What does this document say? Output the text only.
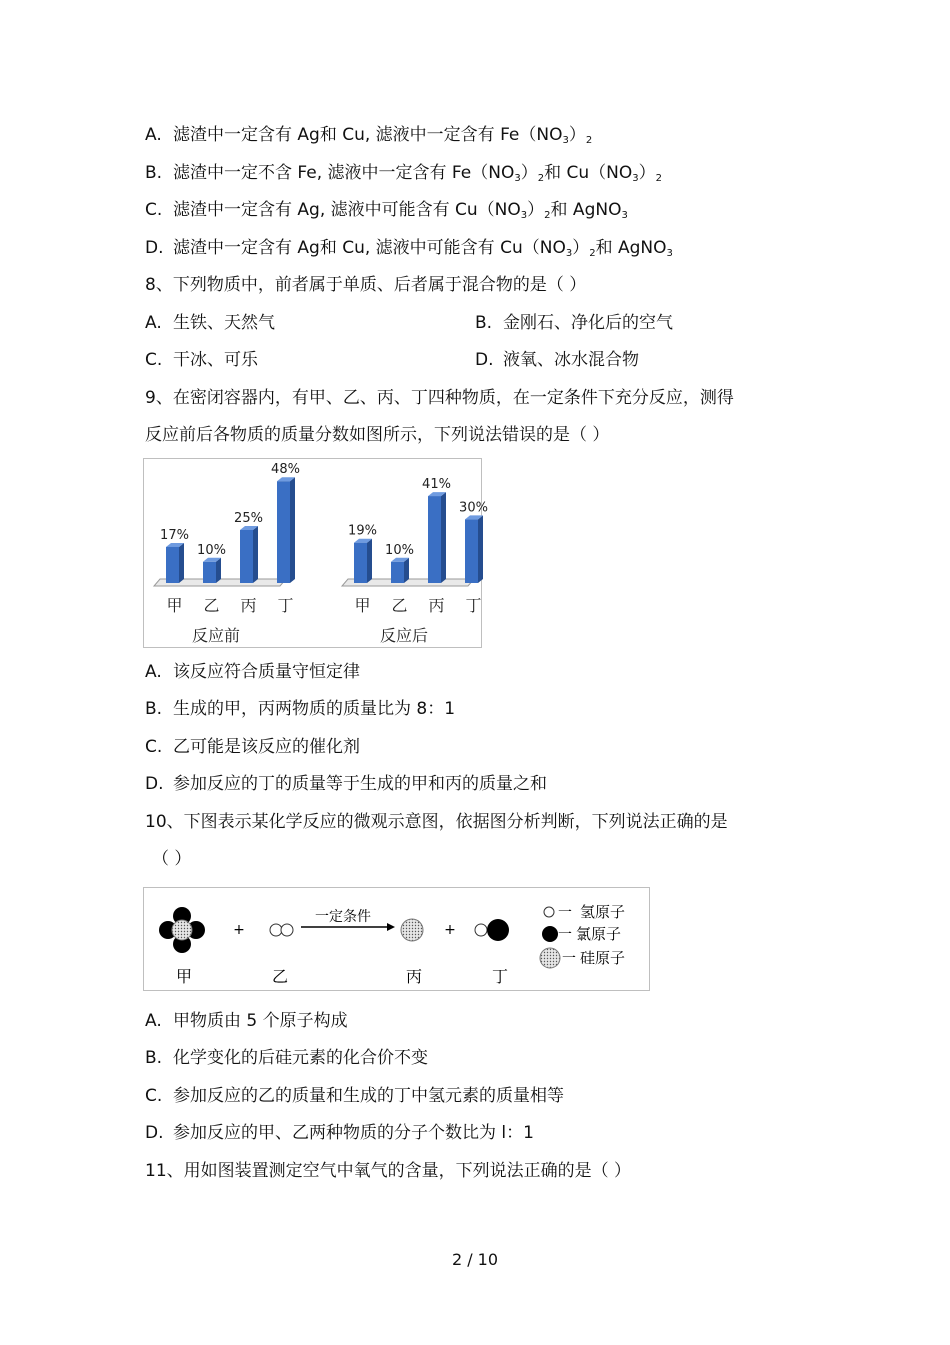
A. 滤渣中一定含有 Ag和 Cu, 滤液中一定含有 $Fe(NO_3)_2$
B. 滤渣中一定不含 Fe, 滤液中一定含有 $Fe(NO_3)_2$和 $Cu(NO_3)_2$
C. 滤渣中一定含有 Ag, 滤液中可能含有 $Cu(NO_3)_2$和 AgNO$_3$
D. 滤渣中一定含有 Ag和 Cu, 滤液中可能含有 $Cu(NO_3)_2$和 AgNO$_3$
8、下列物质中，前者属于单质、后者属于混合物的是（ ）
A. 生铁、天然气	B. 金刚石、净化后的空气
C. 干冰、可乐	D. 液氧、冰水混合物
9、在密闭容器内，有甲、乙、丙、丁四种物质，在一定条件下充分反应，测得
反应前后各物质的质量分数如图所示，下列说法错误的是（ ）
17%
甲
10%
乙
25%
丙
48%
丁
反应前
19%
甲
10%
乙
41%
丙
30%
丁
反应后
A. 该反应符合质量守恒定律
B. 生成的甲，丙两物质的质量比为 8：1
C. 乙可能是该反应的催化剂
D. 参加反应的丁的质量等于生成的甲和丙的质量之和
10、下图表示某化学反应的微观示意图，依据图分析判断，下列说法正确的是
（ ）
+
一定条件
+
甲	乙	丙	丁
一 氢原子
一 氯原子
一 硅原子
A. 甲物质由 5 个原子构成
B. 化学变化的后硅元素的化合价不变
C. 参加反应的乙的质量和生成的丁中氢元素的质量相等
D. 参加反应的甲、乙两种物质的分子个数比为 l：1
11、用如图装置测定空气中氧气的含量，下列说法正确的是（ ）
2 / 10
